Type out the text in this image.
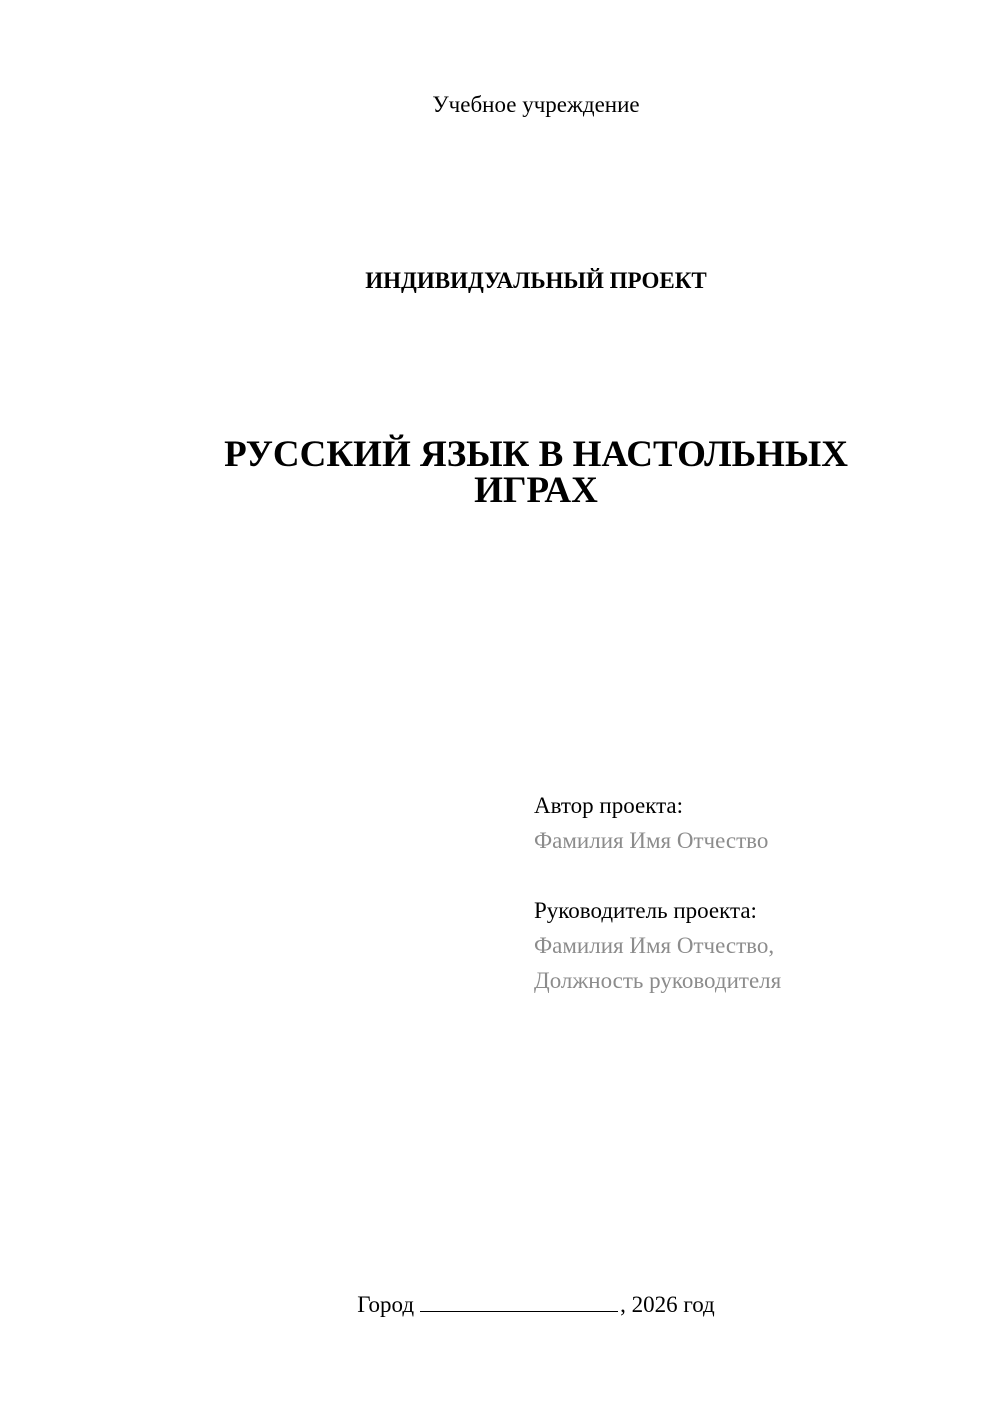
Учебное учреждение
ИНДИВИДУАЛЬНЫЙ ПРОЕКТ
РУССКИЙ ЯЗЫК В НАСТОЛЬНЫХ
ИГРАХ
Автор проекта:
Фамилия Имя Отчество
Руководитель проекта:
Фамилия Имя Отчество,
Должность руководителя
Город	, 2026 год
